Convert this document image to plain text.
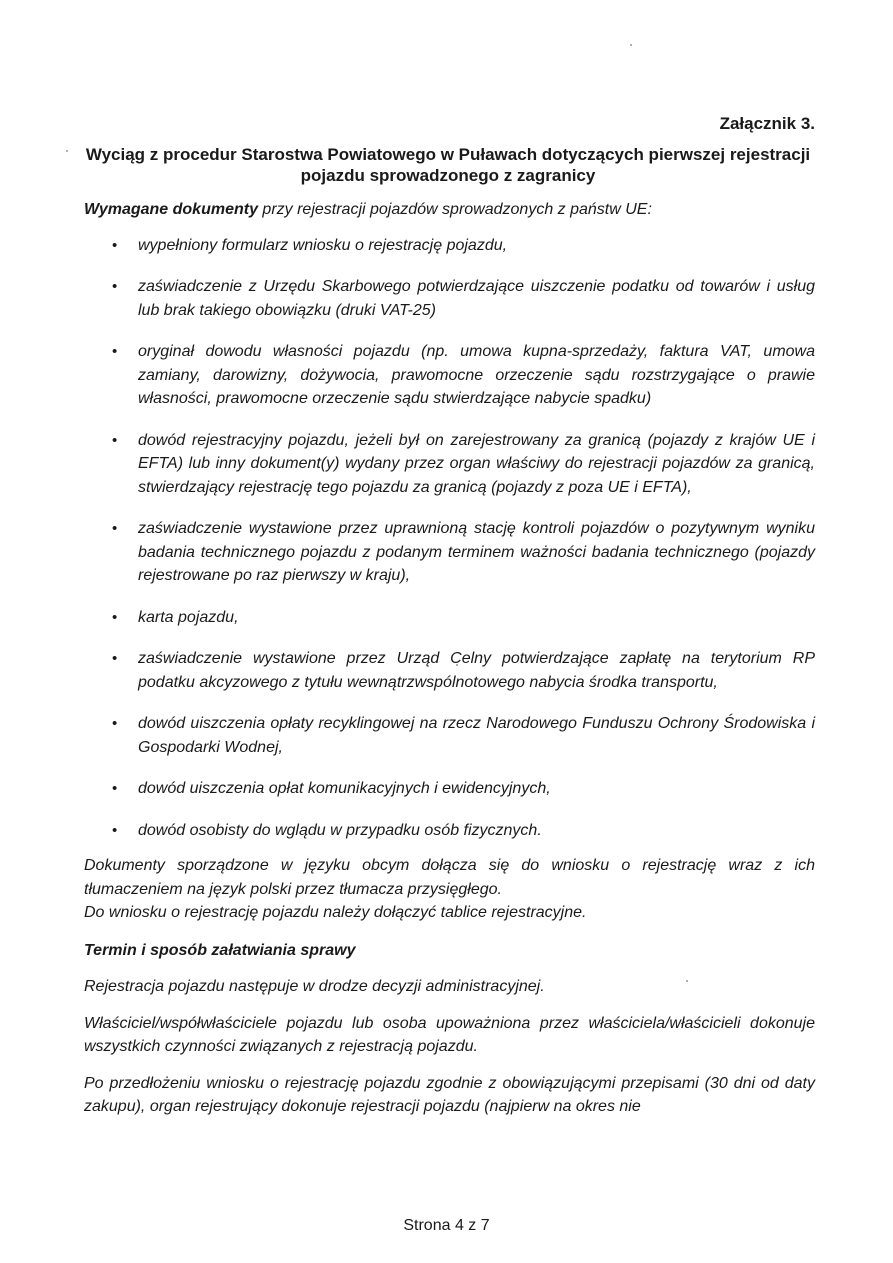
Załącznik 3.
Wyciąg z procedur Starostwa Powiatowego w Puławach dotyczących pierwszej rejestracji pojazdu sprowadzonego z zagranicy

Wymagane dokumenty przy rejestracji pojazdów sprowadzonych z państw UE:

• wypełniony formularz wniosku o rejestrację pojazdu,
• zaświadczenie z Urzędu Skarbowego potwierdzające uiszczenie podatku od towarów i usług lub brak takiego obowiązku (druki VAT-25)
• oryginał dowodu własności pojazdu (np. umowa kupna-sprzedaży, faktura VAT, umowa zamiany, darowizny, dożywocia, prawomocne orzeczenie sądu rozstrzygające o prawie własności, prawomocne orzeczenie sądu stwierdzające nabycie spadku)
• dowód rejestracyjny pojazdu, jeżeli był on zarejestrowany za granicą (pojazdy z krajów UE i EFTA) lub inny dokument(y) wydany przez organ właściwy do rejestracji pojazdów za granicą, stwierdzający rejestrację tego pojazdu za granicą (pojazdy z poza UE i EFTA),
• zaświadczenie wystawione przez uprawnioną stację kontroli pojazdów o pozytywnym wyniku badania technicznego pojazdu z podanym terminem ważności badania technicznego (pojazdy rejestrowane po raz pierwszy w kraju),
• karta pojazdu,
• zaświadczenie wystawione przez Urząd Celny potwierdzające zapłatę na terytorium RP podatku akcyzowego z tytułu wewnątrzwspólnotowego nabycia środka transportu,
• dowód uiszczenia opłaty recyklingowej na rzecz Narodowego Funduszu Ochrony Środowiska i Gospodarki Wodnej,
• dowód uiszczenia opłat komunikacyjnych i ewidencyjnych,
• dowód osobisty do wglądu w przypadku osób fizycznych.

Dokumenty sporządzone w języku obcym dołącza się do wniosku o rejestrację wraz z ich tłumaczeniem na język polski przez tłumacza przysięgłego.

Do wniosku o rejestrację pojazdu należy dołączyć tablice rejestracyjne.

Termin i sposób załatwiania sprawy

Rejestracja pojazdu następuje w drodze decyzji administracyjnej.

Właściciel/współwłaściciele pojazdu lub osoba upoważniona przez właściciela/właścicieli dokonuje wszystkich czynności związanych z rejestracją pojazdu.

Po przedłożeniu wniosku o rejestrację pojazdu zgodnie z obowiązującymi przepisami (30 dni od daty zakupu), organ rejestrujący dokonuje rejestracji pojazdu (najpierw na okres nie

Strona 4 z 7
